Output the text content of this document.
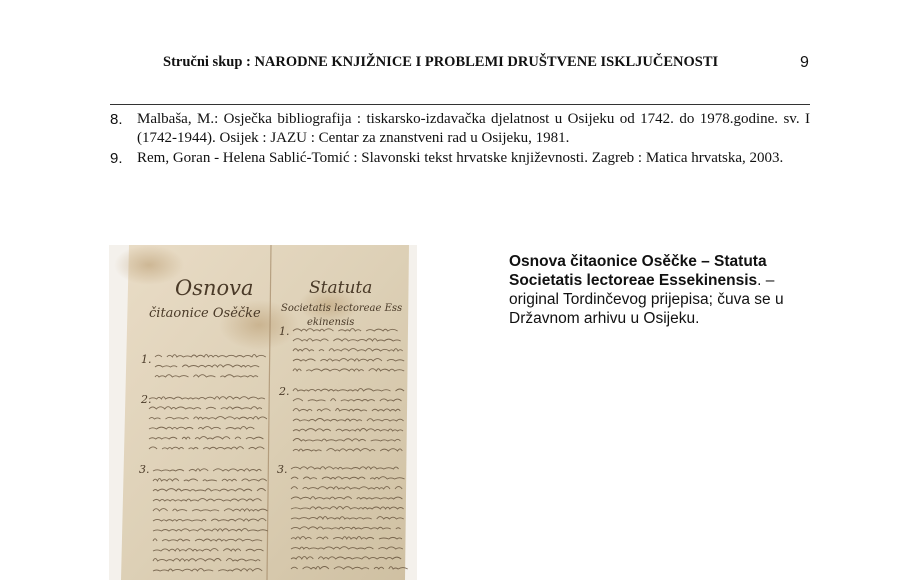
Stručni skup : NARODNE KNJIŽNICE I PROBLEMI DRUŠTVENE ISKLJUČENOSTI	9
8. Malbaša, M.: Osječka bibliografija : tiskarsko-izdavačka djelatnost u Osijeku od 1742. do 1978.godine. sv. I (1742-1944). Osijek : JAZU : Centar za znanstveni rad u Osijeku, 1981.
9. Rem, Goran - Helena Sablić-Tomić : Slavonski tekst hrvatske književnosti. Zagreb : Matica hrvatska, 2003.
Osnova
čitaonice Osěčke
Statuta
Societatis lectoreae Ess
ekinensis
1.
2.
3.
1.
2.
3.
Osnova čitaonice Osěčke – Statuta Societatis lectoreae Essekinensis. – original Tordinčevog prijepisa; čuva se u Državnom arhivu u Osijeku.
